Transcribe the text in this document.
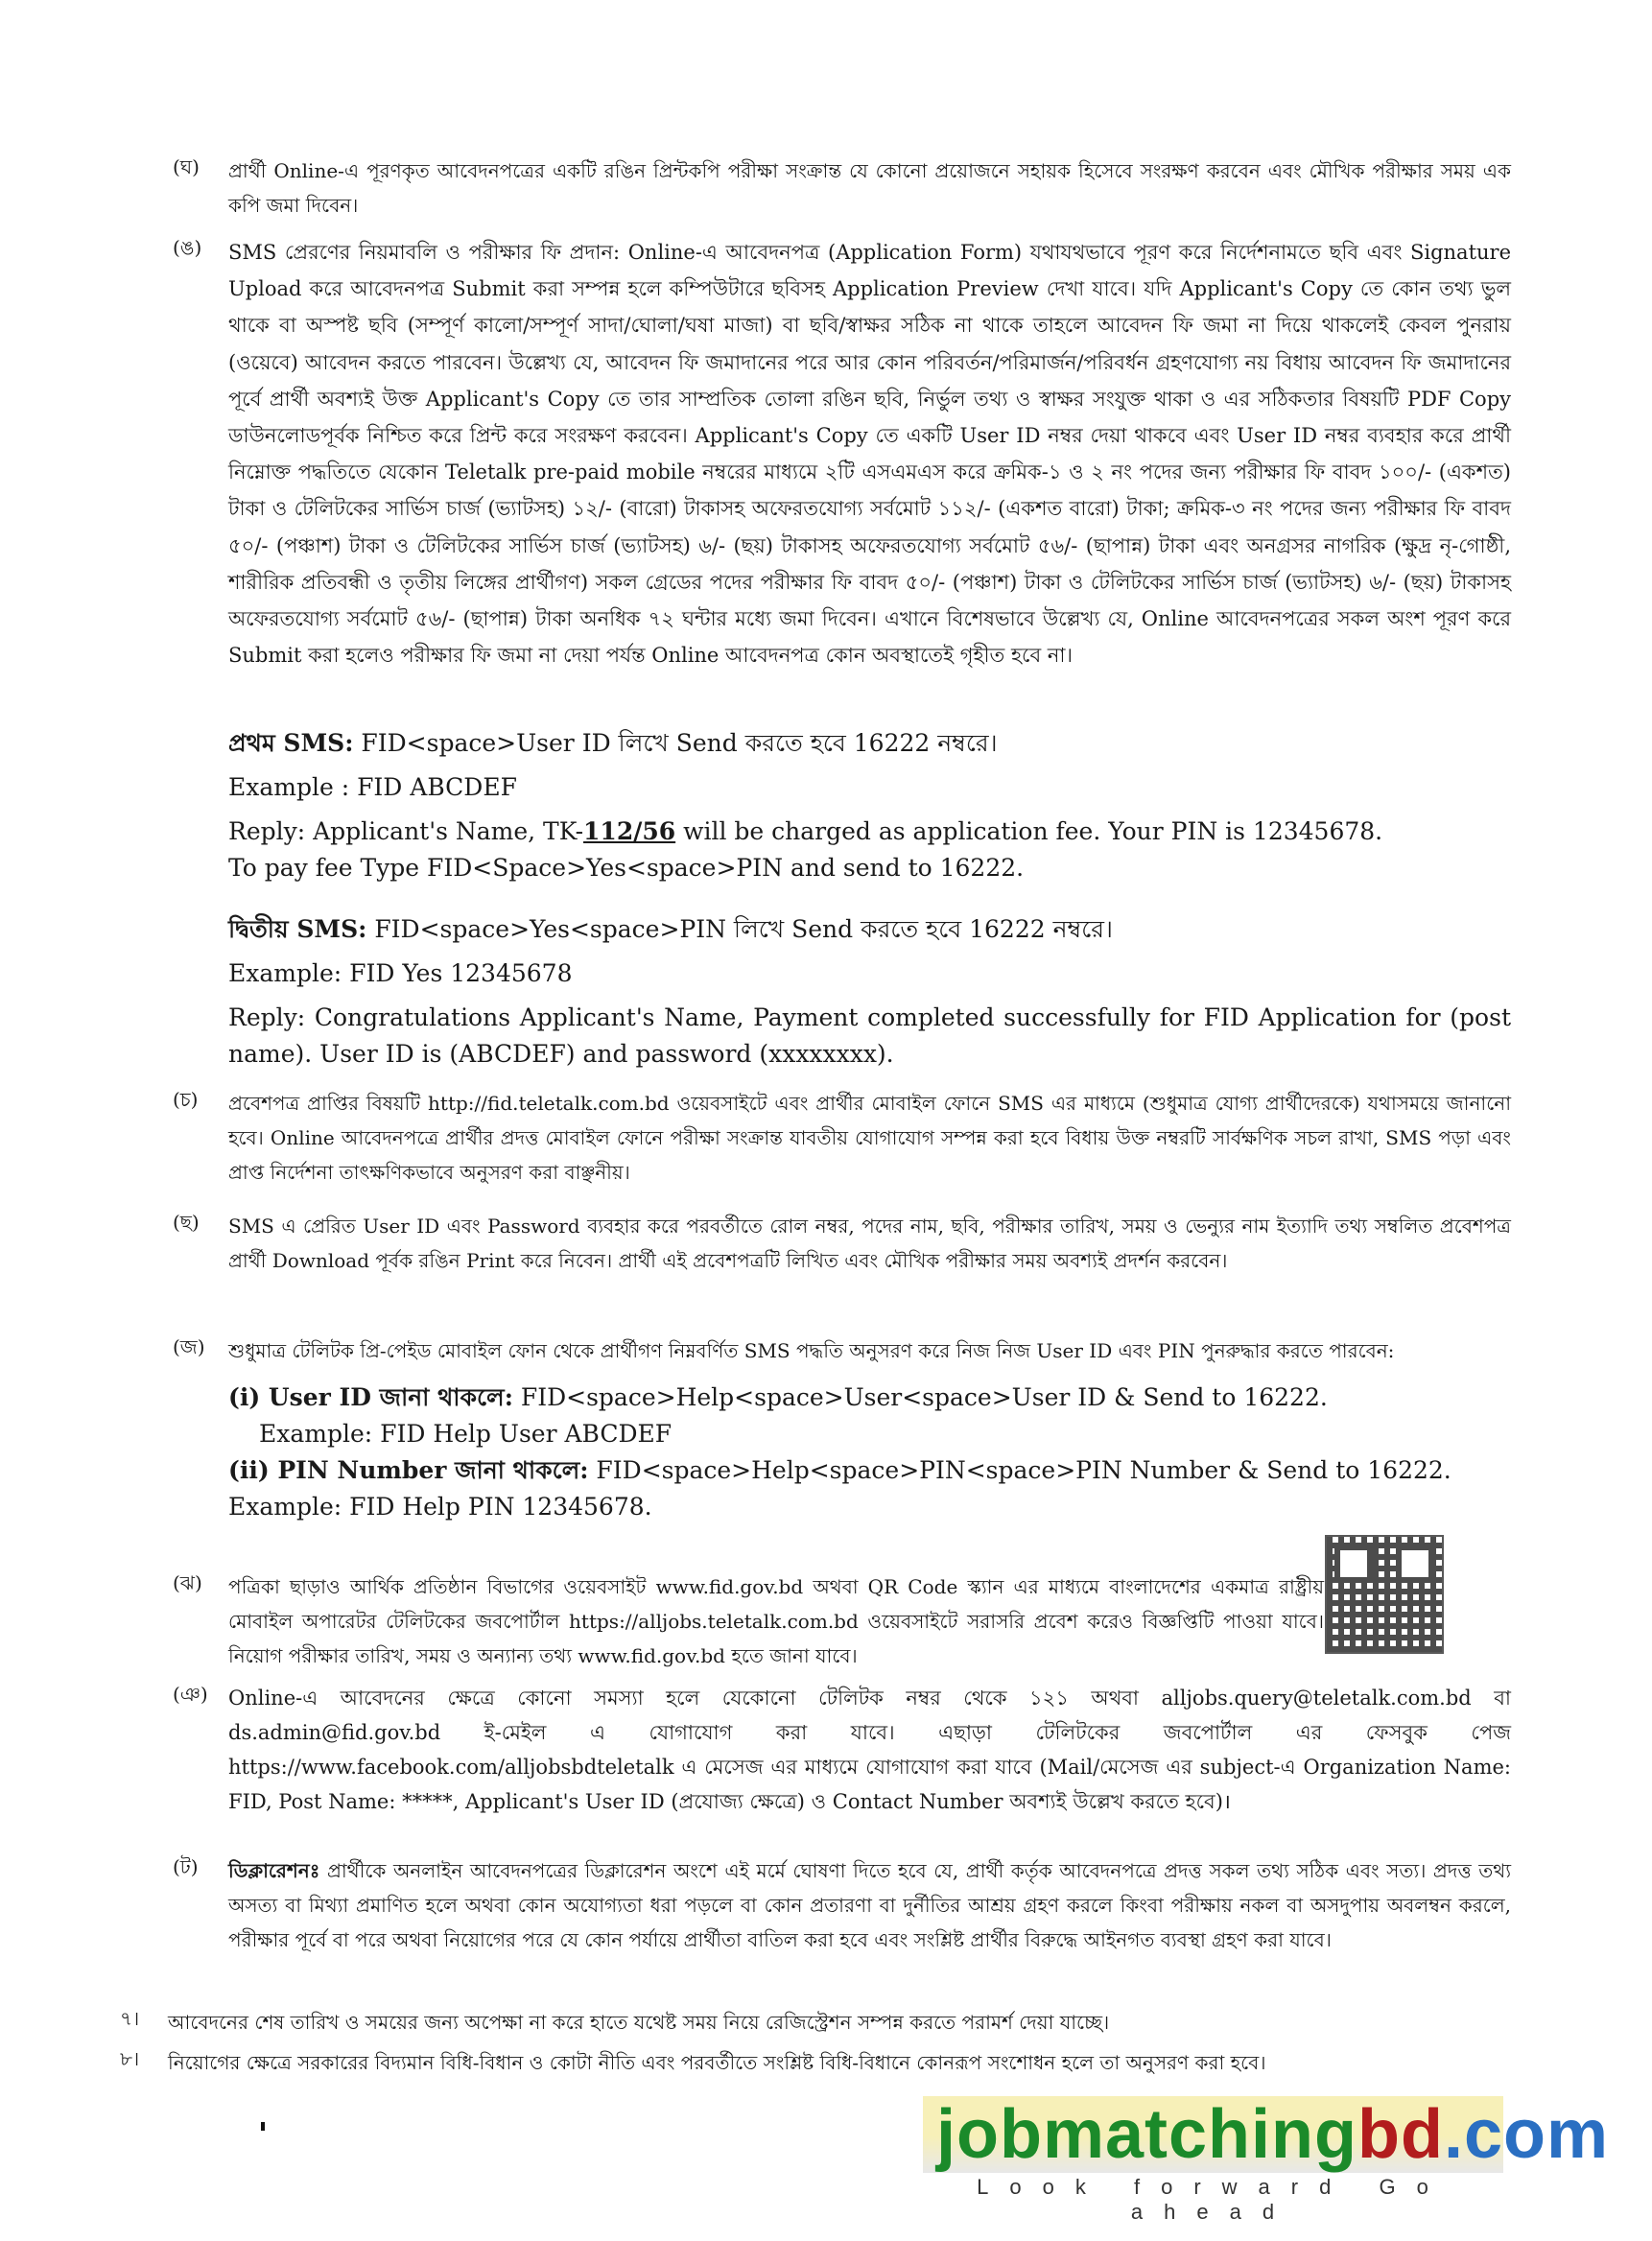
(ঘ) প্রার্থী Online-এ পূরণকৃত আবেদনপত্রের একটি রঙিন প্রিন্টকপি পরীক্ষা সংক্রান্ত যে কোনো প্রয়োজনে সহায়ক হিসেবে সংরক্ষণ করবেন এবং মৌখিক পরীক্ষার সময় এক কপি জমা দিবেন।
(ঙ) SMS প্রেরণের নিয়মাবলি ও পরীক্ষার ফি প্রদান: Online-এ আবেদনপত্র (Application Form) যথাযথভাবে পূরণ করে নির্দেশনামতে ছবি এবং Signature Upload করে আবেদনপত্র Submit করা সম্পন্ন হলে কম্পিউটারে ছবিসহ Application Preview দেখা যাবে। যদি Applicant's Copy তে কোন তথ্য ভুল থাকে বা অস্পষ্ট ছবি (সম্পূর্ণ কালো/সম্পূর্ণ সাদা/ঘোলা/ঘষা মাজা) বা ছবি/স্বাক্ষর সঠিক না থাকে তাহলে আবেদন ফি জমা না দিয়ে থাকলেই কেবল পুনরায় (ওয়েবে) আবেদন করতে পারবেন। উল্লেখ্য যে, আবেদন ফি জমাদানের পরে আর কোন পরিবর্তন/পরিমার্জন/পরিবর্ধন গ্রহণযোগ্য নয় বিধায় আবেদন ফি জমাদানের পূর্বে প্রার্থী অবশ্যই উক্ত Applicant's Copy তে তার সাম্প্রতিক তোলা রঙিন ছবি, নির্ভুল তথ্য ও স্বাক্ষর সংযুক্ত থাকা ও এর সঠিকতার বিষয়টি PDF Copy ডাউনলোডপূর্বক নিশ্চিত করে প্রিন্ট করে সংরক্ষণ করবেন। Applicant's Copy তে একটি User ID নম্বর দেয়া থাকবে এবং User ID নম্বর ব্যবহার করে প্রার্থী নিম্নোক্ত পদ্ধতিতে যেকোন Teletalk pre-paid mobile নম্বরের মাধ্যমে ২টি এসএমএস করে ক্রমিক-১ ও ২ নং পদের জন্য পরীক্ষার ফি বাবদ ১০০/- (একশত) টাকা ও টেলিটকের সার্ভিস চার্জ (ভ্যাটসহ) ১২/- (বারো) টাকাসহ অফেরতযোগ্য সর্বমোট ১১২/- (একশত বারো) টাকা; ক্রমিক-৩ নং পদের জন্য পরীক্ষার ফি বাবদ ৫০/- (পঞ্চাশ) টাকা ও টেলিটকের সার্ভিস চার্জ (ভ্যাটসহ) ৬/- (ছয়) টাকাসহ অফেরতযোগ্য সর্বমোট ৫৬/- (ছাপান্ন) টাকা এবং অনগ্রসর নাগরিক (ক্ষুদ্র নৃ-গোষ্ঠী, শারীরিক প্রতিবন্ধী ও তৃতীয় লিঙ্গের প্রার্থীগণ) সকল গ্রেডের পদের পরীক্ষার ফি বাবদ ৫০/- (পঞ্চাশ) টাকা ও টেলিটকের সার্ভিস চার্জ (ভ্যাটসহ) ৬/- (ছয়) টাকাসহ অফেরতযোগ্য সর্বমোট ৫৬/- (ছাপান্ন) টাকা অনধিক ৭২ ঘন্টার মধ্যে জমা দিবেন। এখানে বিশেষভাবে উল্লেখ্য যে, Online আবেদনপত্রের সকল অংশ পূরণ করে Submit করা হলেও পরীক্ষার ফি জমা না দেয়া পর্যন্ত Online আবেদনপত্র কোন অবস্থাতেই গৃহীত হবে না।
প্রথম SMS: FID<space>User ID লিখে Send করতে হবে 16222 নম্বরে।
Example : FID ABCDEF
Reply: Applicant's Name, TK-112/56 will be charged as application fee. Your PIN is 12345678.
To pay fee Type FID<Space>Yes<space>PIN and send to 16222.
দ্বিতীয় SMS: FID<space>Yes<space>PIN লিখে Send করতে হবে 16222 নম্বরে।
Example: FID Yes 12345678
Reply: Congratulations Applicant's Name, Payment completed successfully for FID Application for (post name). User ID is (ABCDEF) and password (xxxxxxxx).
(চ) প্রবেশপত্র প্রাপ্তির বিষয়টি http://fid.teletalk.com.bd ওয়েবসাইটে এবং প্রার্থীর মোবাইল ফোনে SMS এর মাধ্যমে (শুধুমাত্র যোগ্য প্রার্থীদেরকে) যথাসময়ে জানানো হবে। Online আবেদনপত্রে প্রার্থীর প্রদত্ত মোবাইল ফোনে পরীক্ষা সংক্রান্ত যাবতীয় যোগাযোগ সম্পন্ন করা হবে বিধায় উক্ত নম্বরটি সার্বক্ষণিক সচল রাখা, SMS পড়া এবং প্রাপ্ত নির্দেশনা তাৎক্ষণিকভাবে অনুসরণ করা বাঞ্ছনীয়।
(ছ) SMS এ প্রেরিত User ID এবং Password ব্যবহার করে পরবর্তীতে রোল নম্বর, পদের নাম, ছবি, পরীক্ষার তারিখ, সময় ও ভেন্যুর নাম ইত্যাদি তথ্য সম্বলিত প্রবেশপত্র প্রার্থী Download পূর্বক রঙিন Print করে নিবেন। প্রার্থী এই প্রবেশপত্রটি লিখিত এবং মৌখিক পরীক্ষার সময় অবশ্যই প্রদর্শন করবেন।
(জ) শুধুমাত্র টেলিটক প্রি-পেইড মোবাইল ফোন থেকে প্রার্থীগণ নিম্নবর্ণিত SMS পদ্ধতি অনুসরণ করে নিজ নিজ User ID এবং PIN পুনরুদ্ধার করতে পারবেন:
(i) User ID জানা থাকলে: FID<space>Help<space>User<space>User ID & Send to 16222.
Example: FID Help User ABCDEF
(ii) PIN Number জানা থাকলে: FID<space>Help<space>PIN<space>PIN Number & Send to 16222.
Example: FID Help PIN 12345678.
(ঝ) পত্রিকা ছাড়াও আর্থিক প্রতিষ্ঠান বিভাগের ওয়েবসাইট www.fid.gov.bd অথবা QR Code স্ক্যান এর মাধ্যমে বাংলাদেশের একমাত্র রাষ্ট্রীয় মোবাইল অপারেটর টেলিটকের জবপোর্টাল https://alljobs.teletalk.com.bd ওয়েবসাইটে সরাসরি প্রবেশ করেও বিজ্ঞপ্তিটি পাওয়া যাবে। নিয়োগ পরীক্ষার তারিখ, সময় ও অন্যান্য তথ্য www.fid.gov.bd হতে জানা যাবে।
(ঞ) Online-এ আবেদনের ক্ষেত্রে কোনো সমস্যা হলে যেকোনো টেলিটক নম্বর থেকে ১২১ অথবা alljobs.query@teletalk.com.bd বা ds.admin@fid.gov.bd ই-মেইল এ যোগাযোগ করা যাবে। এছাড়া টেলিটকের জবপোর্টাল এর ফেসবুক পেজ https://www.facebook.com/alljobsbdteletalk এ মেসেজ এর মাধ্যমে যোগাযোগ করা যাবে (Mail/মেসেজ এর subject-এ Organization Name: FID, Post Name: *****, Applicant's User ID (প্রযোজ্য ক্ষেত্রে) ও Contact Number অবশ্যই উল্লেখ করতে হবে)।
(ট) ডিক্লারেশনঃ প্রার্থীকে অনলাইন আবেদনপত্রের ডিক্লারেশন অংশে এই মর্মে ঘোষণা দিতে হবে যে, প্রার্থী কর্তৃক আবেদনপত্রে প্রদত্ত সকল তথ্য সঠিক এবং সত্য। প্রদত্ত তথ্য অসত্য বা মিথ্যা প্রমাণিত হলে অথবা কোন অযোগ্যতা ধরা পড়লে বা কোন প্রতারণা বা দুর্নীতির আশ্রয় গ্রহণ করলে কিংবা পরীক্ষায় নকল বা অসদুপায় অবলম্বন করলে, পরীক্ষার পূর্বে বা পরে অথবা নিয়োগের পরে যে কোন পর্যায়ে প্রার্থীতা বাতিল করা হবে এবং সংশ্লিষ্ট প্রার্থীর বিরুদ্ধে আইনগত ব্যবস্থা গ্রহণ করা যাবে।
৭। আবেদনের শেষ তারিখ ও সময়ের জন্য অপেক্ষা না করে হাতে যথেষ্ট সময় নিয়ে রেজিস্ট্রেশন সম্পন্ন করতে পরামর্শ দেয়া যাচ্ছে।
৮। নিয়োগের ক্ষেত্রে সরকারের বিদ্যমান বিধি-বিধান ও কোটা নীতি এবং পরবর্তীতে সংশ্লিষ্ট বিধি-বিধানে কোনরূপ সংশোধন হলে তা অনুসরণ করা হবে।
jobmatchingbd.com
Look forward Go ahead
